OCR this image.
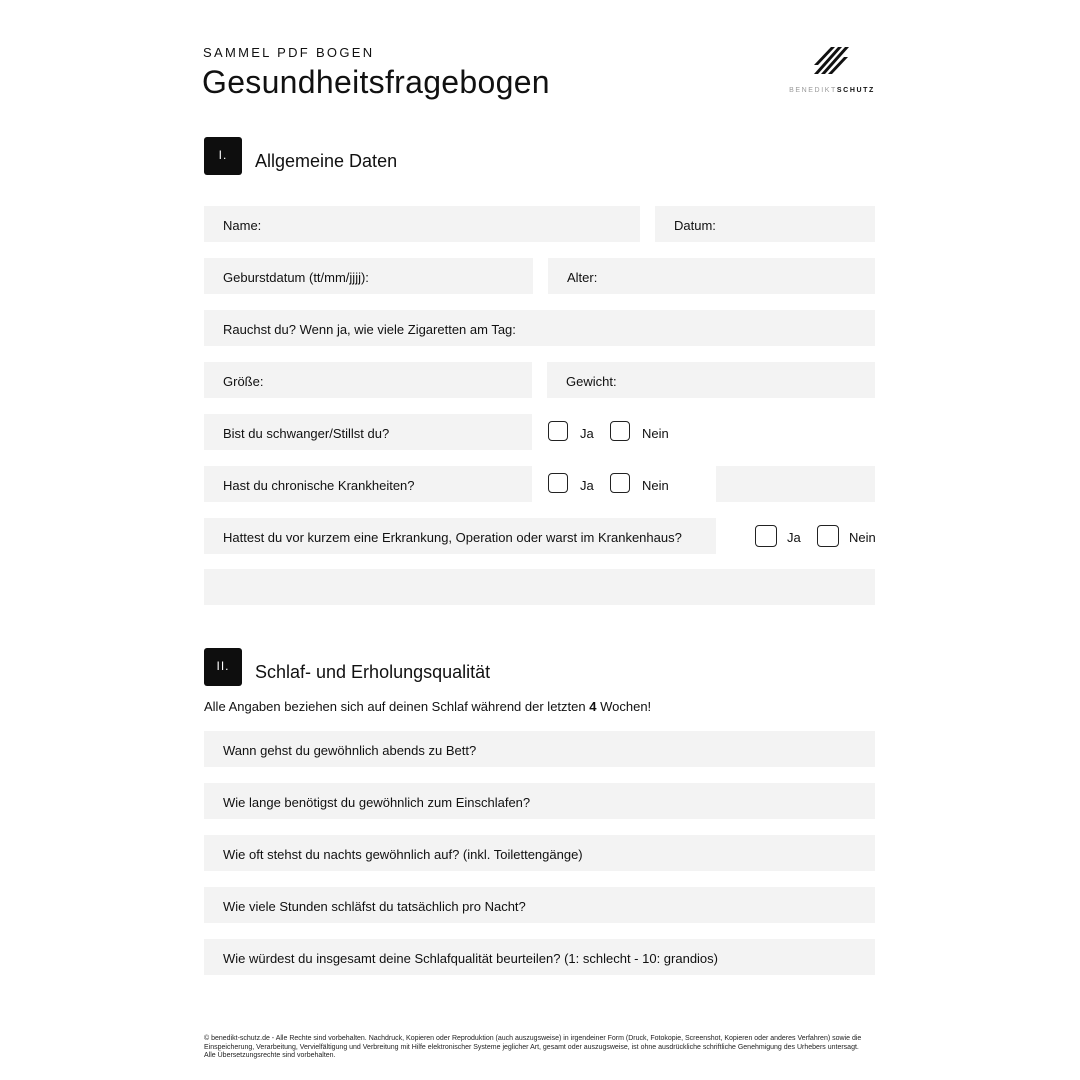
SAMMEL PDF BOGEN
Gesundheitsfragebogen	BENEDIKTSCHUTZ
I.	Allgemeine Daten
Name:	Datum:
Geburstdatum (tt/mm/jjjj):	Alter:
Rauchst du? Wenn ja, wie viele Zigaretten am Tag:
Größe:	Gewicht:
Bist du schwanger/Stillst du?	Ja	Nein
Hast du chronische Krankheiten?	Ja	Nein
Hattest du vor kurzem eine Erkrankung, Operation oder warst im Krankenhaus?	Ja	Nein
II.	Schlaf- und Erholungsqualität
Alle Angaben beziehen sich auf deinen Schlaf während der letzten 4 Wochen!
Wann gehst du gewöhnlich abends zu Bett?
Wie lange benötigst du gewöhnlich zum Einschlafen?
Wie oft stehst du nachts gewöhnlich auf? (inkl. Toilettengänge)
Wie viele Stunden schläfst du tatsächlich pro Nacht?
Wie würdest du insgesamt deine Schlafqualität beurteilen? (1: schlecht - 10: grandios)
© benedikt-schutz.de - Alle Rechte sind vorbehalten. Nachdruck, Kopieren oder Reproduktion (auch auszugsweise) in irgendeiner Form (Druck, Fotokopie, Screenshot, Kopieren oder anderes Verfahren) sowie die Einspeicherung, Verarbeitung, Vervielfältigung und Verbreitung mit Hilfe elektronischer Systeme jeglicher Art, gesamt oder auszugsweise, ist ohne ausdrückliche schriftliche Genehmigung des Urhebers untersagt. Alle Übersetzungsrechte sind vorbehalten.
